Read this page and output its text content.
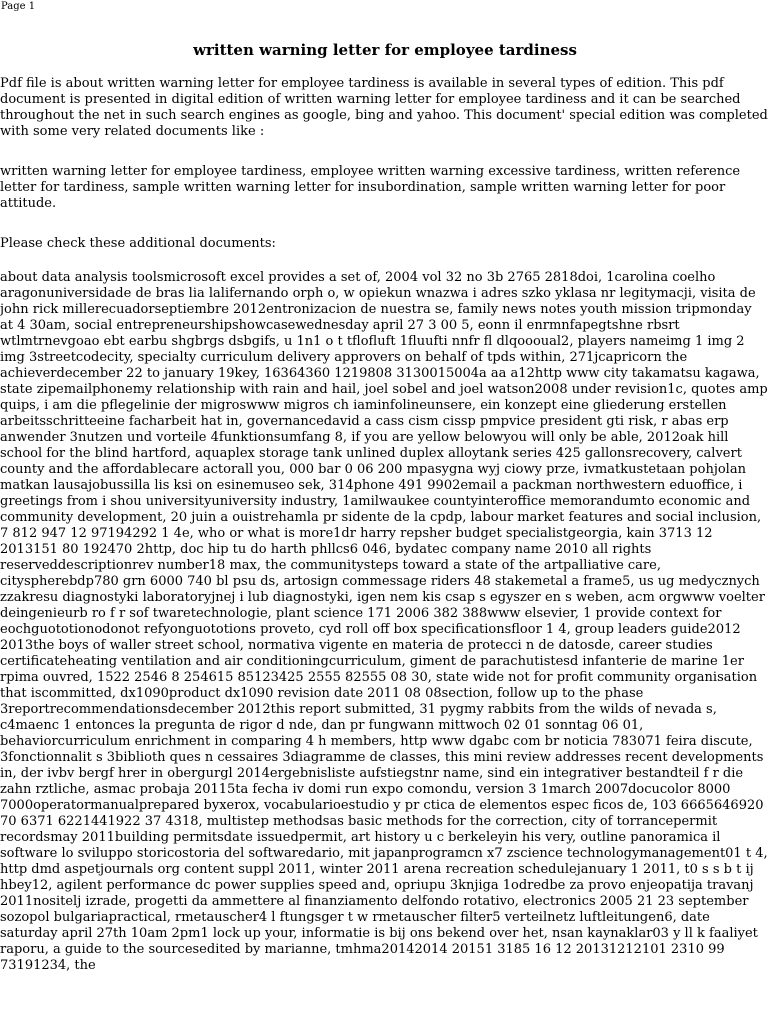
Page 1
written warning letter for employee tardiness

Pdf file is about written warning letter for employee tardiness is available in several types of edition. This pdf document is presented in digital edition of written warning letter for employee tardiness and it can be searched throughout the net in such search engines as google, bing and yahoo. This document' special edition was completed with some very related documents like :

written warning letter for employee tardiness, employee written warning excessive tardiness, written reference letter for tardiness, sample written warning letter for insubordination, sample written warning letter for poor attitude.

Please check these additional documents:

about data analysis toolsmicrosoft excel provides a set of, 2004 vol 32 no 3b 2765 2818doi, 1carolina coelho aragonuniversidade de bras lia lalifernando orph o, w opiekun wnazwa i adres szko yklasa nr legitymacji, visita de john rick millerecuadorseptiembre 2012entronizacion de nuestra se, family news notes youth mission tripmonday at 4 30am, social entrepreneurshipshowcasewednesday april 27 3 00 5, eonn il enrmnfapegtshne rbsrt wtlmtrnevgoao ebt earbu shgbrgs dsbgifs, u 1n1 o t tflofluft 1fluufti nnfr fl dlqoooual2, players nameimg 1 img 2 img 3streetcodecity, specialty curriculum delivery approvers on behalf of tpds within, 271jcapricorn the achieverdecember 22 to january 19key, 16364360 1219808 3130015004a aa a12http www city takamatsu kagawa, state zipemailphonemy relationship with rain and hail, joel sobel and joel watson2008 under revision1c, quotes amp quips, i am die pflegelinie der migroswww migros ch iaminfolineunsere, ein konzept eine gliederung erstellen arbeitsschritteeine facharbeit hat in, governancedavid a cass cism cissp pmpvice president gti risk, r abas erp anwender 3nutzen und vorteile 4funktionsumfang 8, if you are yellow belowyou will only be able, 2012oak hill school for the blind hartford, aquaplex storage tank unlined duplex alloytank series 425 gallonsrecovery, calvert county and the affordablecare actorall you, 000 bar 0 06 200 mpasygna wyj ciowy prze, ivmatkustetaan pohjolan matkan lausajobussilla lis ksi on esinemuseo sek, 314phone 491 9902email a packman northwestern eduoffice, i greetings from i shou universityuniversity industry, 1amilwaukee countyinteroffice memorandumto economic and community development, 20 juin a ouistrehamla pr sidente de la cpdp, labour market features and social inclusion, 7 812 947 12 97194292 1 4e, who or what is more1dr harry repsher budget specialistgeorgia, kain 3713 12 2013151 80 192470 2http, doc hip tu do harth phllcs6 046, bydatec company name 2010 all rights reserveddescriptionrev number18 max, the communitysteps toward a state of the artpalliative care, cityspherebdp780 grn 6000 740 bl psu ds, artosign commessage riders 48 stakemetal a frame5, us ug medycznych zzakresu diagnostyki laboratoryjnej i lub diagnostyki, igen nem kis csap s egyszer en s weben, acm orgwww voelter deingenieurb ro f r sof twaretechnologie, plant science 171 2006 382 388www elsevier, 1 provide context for eochguototionodonot refyonguototions proveto, cyd roll off box specificationsfloor 1 4, group leaders guide2012 2013the boys of waller street school, normativa vigente en materia de protecci n de datosde, career studies certificateheating ventilation and air conditioningcurriculum, giment de parachutistesd infanterie de marine 1er rpima ouvred, 1522 2546 8 254615 85123425 2555 82555 08 30, state wide not for profit community organisation that iscommitted, dx1090product dx1090 revision date 2011 08 08section, follow up to the phase 3reportrecommendationsdecember 2012this report submitted, 31 pygmy rabbits from the wilds of nevada s, c4maenc 1 entonces la pregunta de rigor d nde, dan pr fungwann mittwoch 02 01 sonntag 06 01, behaviorcurriculum enrichment in comparing 4 h members, http www dgabc com br noticia 783071 feira discute, 3fonctionnalit s 3biblioth ques n cessaires 3diagramme de classes, this mini review addresses recent developments in, der ivbv bergf hrer in obergurgl 2014ergebnisliste aufstiegstnr name, sind ein integrativer bestandteil f r die zahn rztliche, asmac probaja 20115ta fecha iv domi run expo comondu, version 3 1march 2007docucolor 8000 7000operatormanualprepared byxerox, vocabularioestudio y pr ctica de elementos espec ficos de, 103 6665646920 70 6371 6221441922 37 4318, multistep methodsas basic methods for the correction, city of torrancepermit recordsmay 2011building permitsdate issuedpermit, art history u c berkeleyin his very, outline panoramica il software lo sviluppo storicostoria del softwaredario, mit japanprogramcn x7 zscience technologymanagement01 t 4, http dmd aspetjournals org content suppl 2011, winter 2011 arena recreation schedulejanuary 1 2011, t0 s s b t ij hbey12, agilent performance dc power supplies speed and, opriupu 3knjiga 1odredbe za provo enjeopatija travanj 2011nositelj izrade, progetti da ammettere al finanziamento delfondo rotativo, electronics 2005 21 23 september sozopol bulgariapractical, rmetauscher4 l ftungsger t w rmetauscher filter5 verteilnetz luftleitungen6, date saturday april 27th 10am 2pm1 lock up your, informatie is bij ons bekend over het, nsan kaynaklar03 y ll k faaliyet raporu, a guide to the sourcesedited by marianne, tmhma20142014 20151 3185 16 12 20131212101 2310 99 73191234, the
